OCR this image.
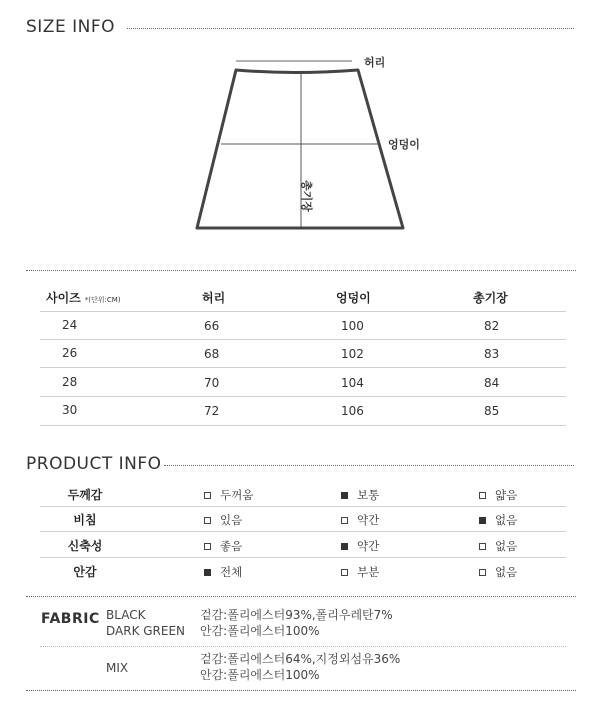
SIZE INFO
허리
엉덩이
총기장
사이즈 *(단위:CM)	허리	엉덩이	총기장
24	66	100	82
26	68	102	83
28	70	104	84
30	72	106	85
PRODUCT INFO
두께감	두꺼움	보통	얇음
비침	있음	약간	없음
신축성	좋음	약간	없음
안감	전체	부분	없음
FABRIC BLACK
DARK GREEN
겉감:폴리에스터93%,폴리우레탄7%
안감:폴리에스터100%
MIX
겉감:폴리에스터64%,지정외섬유36%
안감:폴리에스터100%
